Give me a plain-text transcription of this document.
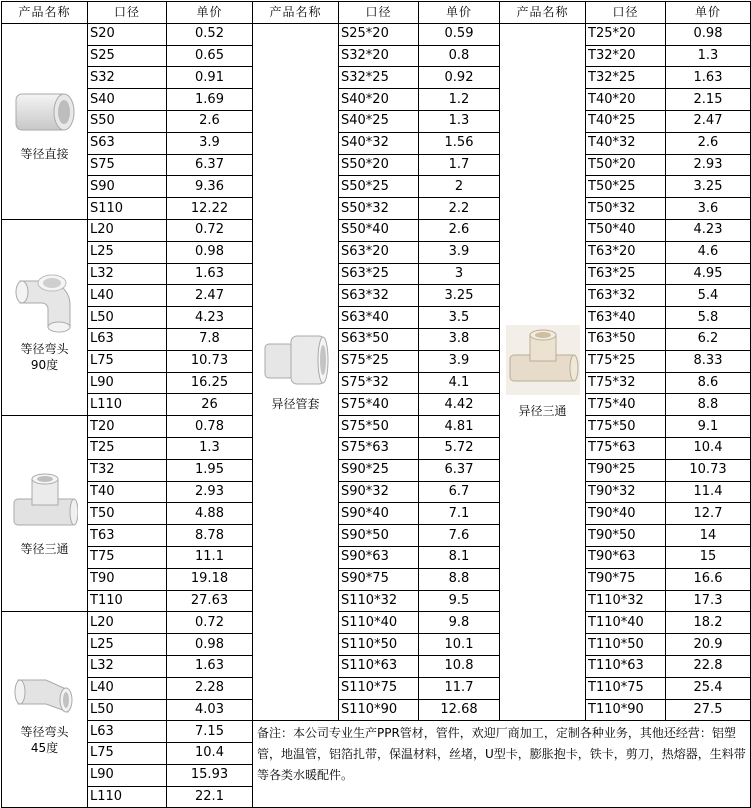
产品名称	口径	单价	产品名称	口径	单价	产品名称	口径	单价

等径直接	S20	0.52	异径管套	S25*20	0.59	异径三通	T25*20	0.98
	S25	0.65		S32*20	0.8		T32*20	1.3
	S32	0.91		S32*25	0.92		T32*25	1.63
	S40	1.69		S40*20	1.2		T40*20	2.15
	S50	2.6		S40*25	1.3		T40*25	2.47
	S63	3.9		S40*32	1.56		T40*32	2.6
	S75	6.37		S50*20	1.7		T50*20	2.93
	S90	9.36		S50*25	2		T50*25	3.25
	S110	12.22		S50*32	2.2		T50*32	3.6

等径弯头
90度	L20	0.72		S50*40	2.6		T50*40	4.23
	L25	0.98		S63*20	3.9		T63*20	4.6
	L32	1.63		S63*25	3		T63*25	4.95
	L40	2.47		S63*32	3.25		T63*32	5.4
	L50	4.23		S63*40	3.5		T63*40	5.8
	L63	7.8		S63*50	3.8		T63*50	6.2
	L75	10.73		S75*25	3.9		T75*25	8.33
	L90	16.25		S75*32	4.1		T75*32	8.6
	L110	26		S75*40	4.42		T75*40	8.8

等径三通	T20	0.78		S75*50	4.81		T75*50	9.1
	T25	1.3		S75*63	5.72		T75*63	10.4
	T32	1.95		S90*25	6.37		T90*25	10.73
	T40	2.93		S90*32	6.7		T90*32	11.4
	T50	4.88		S90*40	7.1		T90*40	12.7
	T63	8.78		S90*50	7.6		T90*50	14
	T75	11.1		S90*63	8.1		T90*63	15
	T90	19.18		S90*75	8.8		T90*75	16.6
	T110	27.63		S110*32	9.5		T110*32	17.3

等径弯头
45度	L20	0.72		S110*40	9.8		T110*40	18.2
	L25	0.98		S110*50	10.1		T110*50	20.9
	L32	1.63		S110*63	10.8		T110*63	22.8
	L40	2.28		S110*75	11.7		T110*75	25.4
	L50	4.03		S110*90	12.68		T110*90	27.5
	L63	7.15	备注：本公司专业生产PPR管材，管件，欢迎厂商加工，定制各种业务，其他还经营：铝塑管，地温管，铝箔扎带，保温材料，丝堵，U型卡，膨胀抱卡，铁卡，剪刀，热熔器，生料带等各类水暖配件。					
	L75	10.4						
	L90	15.93						
	L110	22.1						
